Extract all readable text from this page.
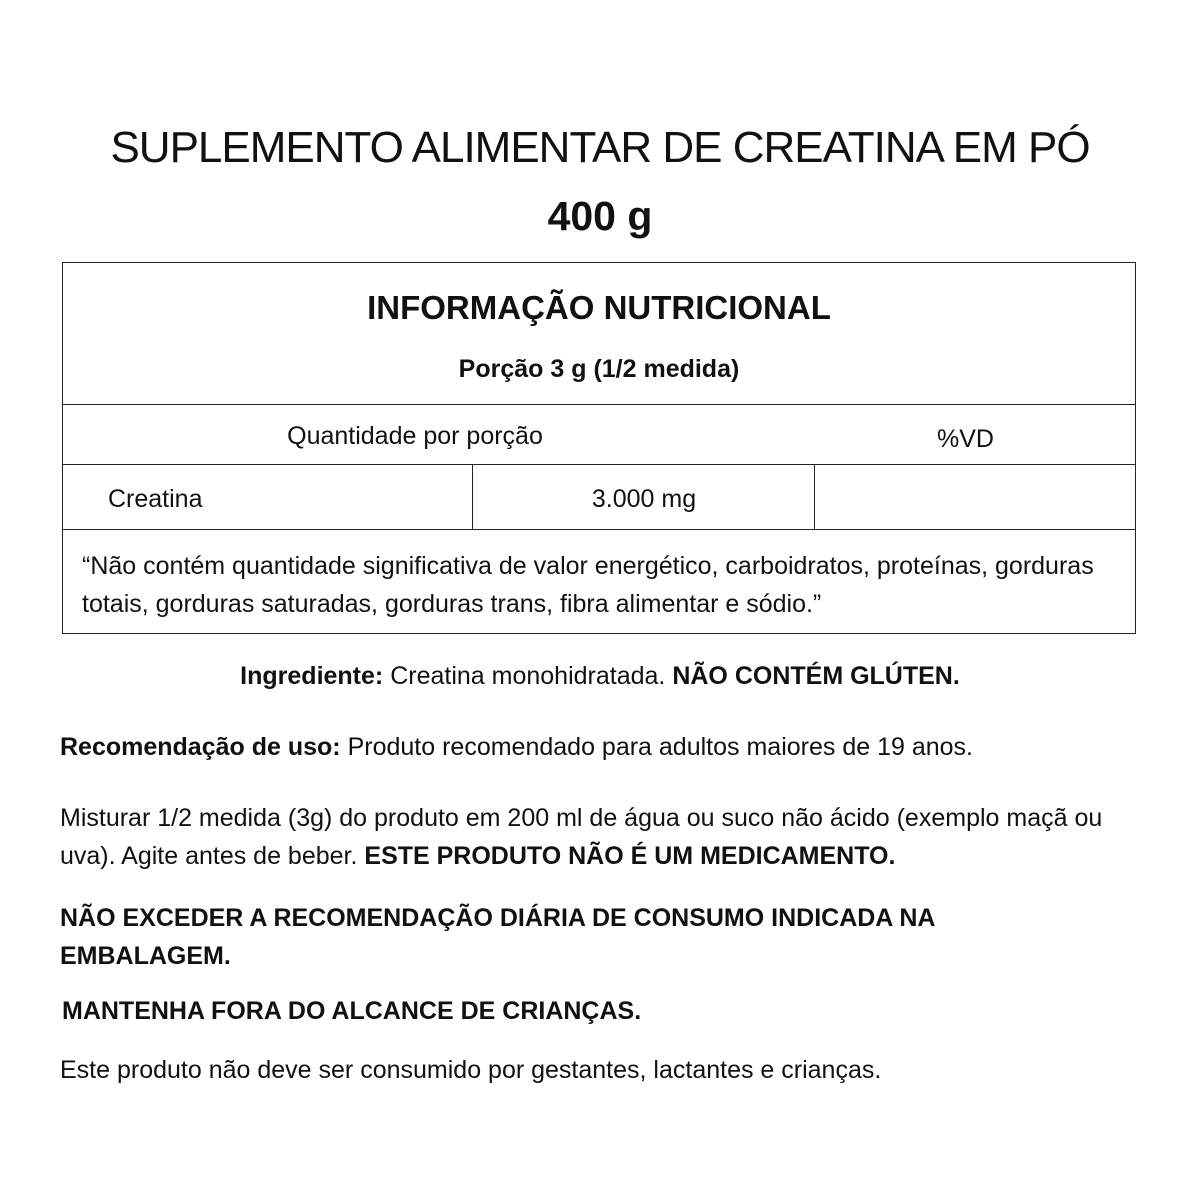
SUPLEMENTO ALIMENTAR DE CREATINA EM PÓ
400 g
INFORMAÇÃO NUTRICIONAL
Porção 3 g (1/2 medida)
Quantidade por porção	%VD
Creatina	3.000 mg
“Não contém quantidade significativa de valor energético, carboidratos, proteínas, gorduras totais, gorduras saturadas, gorduras trans, fibra alimentar e sódio.”
Ingrediente: Creatina monohidratada. NÃO CONTÉM GLÚTEN.
Recomendação de uso: Produto recomendado para adultos maiores de 19 anos.
Misturar 1/2 medida (3g) do produto em 200 ml de água ou suco não ácido (exemplo maçã ou uva). Agite antes de beber. ESTE PRODUTO NÃO É UM MEDICAMENTO.
NÃO EXCEDER A RECOMENDAÇÃO DIÁRIA DE CONSUMO INDICADA NA EMBALAGEM.
MANTENHA FORA DO ALCANCE DE CRIANÇAS.
Este produto não deve ser consumido por gestantes, lactantes e crianças.
